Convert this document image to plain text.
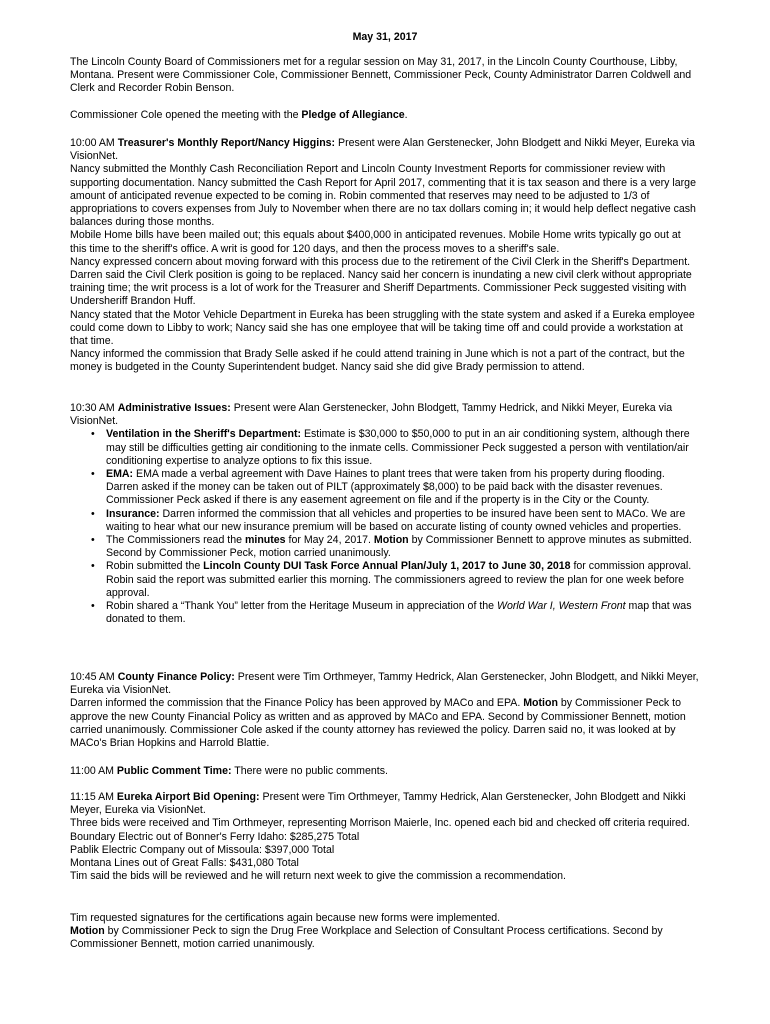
May 31, 2017

The Lincoln County Board of Commissioners met for a regular session on May 31, 2017, in the Lincoln County Courthouse, Libby, Montana. Present were Commissioner Cole, Commissioner Bennett, Commissioner Peck, County Administrator Darren Coldwell and Clerk and Recorder Robin Benson.

Commissioner Cole opened the meeting with the Pledge of Allegiance.

10:00 AM Treasurer's Monthly Report/Nancy Higgins: Present were Alan Gerstenecker, John Blodgett and Nikki Meyer, Eureka via VisionNet.

Nancy submitted the Monthly Cash Reconciliation Report and Lincoln County Investment Reports for commissioner review with supporting documentation. Nancy submitted the Cash Report for April 2017, commenting that it is tax season and there is a very large amount of anticipated revenue expected to be coming in. Robin commented that reserves may need to be adjusted to 1/3 of appropriations to covers expenses from July to November when there are no tax dollars coming in; it would help deflect negative cash balances during those months.

Mobile Home bills have been mailed out; this equals about $400,000 in anticipated revenues. Mobile Home writs typically go out at this time to the sheriff's office. A writ is good for 120 days, and then the process moves to a sheriff's sale.

Nancy expressed concern about moving forward with this process due to the retirement of the Civil Clerk in the Sheriff's Department. Darren said the Civil Clerk position is going to be replaced. Nancy said her concern is inundating a new civil clerk without appropriate training time; the writ process is a lot of work for the Treasurer and Sheriff Departments. Commissioner Peck suggested visiting with Undersheriff Brandon Huff.

Nancy stated that the Motor Vehicle Department in Eureka has been struggling with the state system and asked if a Eureka employee could come down to Libby to work; Nancy said she has one employee that will be taking time off and could provide a workstation at that time.

Nancy informed the commission that Brady Selle asked if he could attend training in June which is not a part of the contract, but the money is budgeted in the County Superintendent budget. Nancy said she did give Brady permission to attend.

10:30 AM Administrative Issues: Present were Alan Gerstenecker, John Blodgett, Tammy Hedrick, and Nikki Meyer, Eureka via VisionNet.

• Ventilation in the Sheriff's Department: Estimate is $30,000 to $50,000 to put in an air conditioning system, although there may still be difficulties getting air conditioning to the inmate cells. Commissioner Peck suggested a person with ventilation/air conditioning expertise to analyze options to fix this issue.
• EMA: EMA made a verbal agreement with Dave Haines to plant trees that were taken from his property during flooding. Darren asked if the money can be taken out of PILT (approximately $8,000) to be paid back with the disaster revenues. Commissioner Peck asked if there is any easement agreement on file and if the property is in the City or the County.
• Insurance: Darren informed the commission that all vehicles and properties to be insured have been sent to MACo. We are waiting to hear what our new insurance premium will be based on accurate listing of county owned vehicles and properties.
• The Commissioners read the minutes for May 24, 2017. Motion by Commissioner Bennett to approve minutes as submitted. Second by Commissioner Peck, motion carried unanimously.
• Robin submitted the Lincoln County DUI Task Force Annual Plan/July 1, 2017 to June 30, 2018 for commission approval. Robin said the report was submitted earlier this morning. The commissioners agreed to review the plan for one week before approval.
• Robin shared a “Thank You” letter from the Heritage Museum in appreciation of the World War I, Western Front map that was donated to them.

10:45 AM County Finance Policy: Present were Tim Orthmeyer, Tammy Hedrick, Alan Gerstenecker, John Blodgett, and Nikki Meyer, Eureka via VisionNet.

Darren informed the commission that the Finance Policy has been approved by MACo and EPA. Motion by Commissioner Peck to approve the new County Financial Policy as written and as approved by MACo and EPA. Second by Commissioner Bennett, motion carried unanimously. Commissioner Cole asked if the county attorney has reviewed the policy. Darren said no, it was looked at by MACo's Brian Hopkins and Harrold Blattie.

11:00 AM Public Comment Time: There were no public comments.

11:15 AM Eureka Airport Bid Opening: Present were Tim Orthmeyer, Tammy Hedrick, Alan Gerstenecker, John Blodgett and Nikki Meyer, Eureka via VisionNet.

Three bids were received and Tim Orthmeyer, representing Morrison Maierle, Inc. opened each bid and checked off criteria required.

Boundary Electric out of Bonner's Ferry Idaho: $285,275 Total

Pablik Electric Company out of Missoula: $397,000 Total

Montana Lines out of Great Falls: $431,080 Total

Tim said the bids will be reviewed and he will return next week to give the commission a recommendation.

Tim requested signatures for the certifications again because new forms were implemented.

Motion by Commissioner Peck to sign the Drug Free Workplace and Selection of Consultant Process certifications. Second by Commissioner Bennett, motion carried unanimously.
